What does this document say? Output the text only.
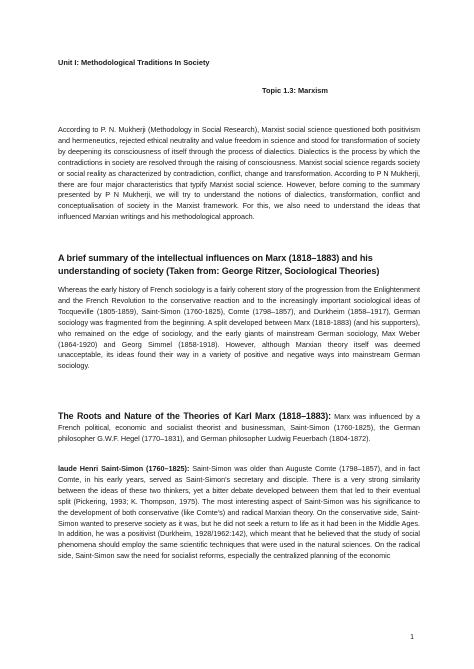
Unit I: Methodological Traditions In Society

Topic 1.3: Marxism

According to P. N. Mukherji (Methodology in Social Research), Marxist social science questioned both positivism and hermeneutics, rejected ethical neutrality and value freedom in science and stood for transformation of society by deepening its consciousness of itself through the process of dialectics. Dialectics is the process by which the contradictions in society are resolved through the raising of consciousness. Marxist social science regards society or social reality as characterized by contradiction, conflict, change and transformation. According to P N Mukherji, there are four major characteristics that typify Marxist social science. However, before coming to the summary presented by P N Mukherji, we will try to understand the notions of dialectics, transformation, conflict and conceptualisation of society in the Marxist framework. For this, we also need to understand the ideas that influenced Marxian writings and his methodological approach.

A brief summary of the intellectual influences on Marx (1818–1883) and his understanding of society (Taken from: George Ritzer, Sociological Theories)

Whereas the early history of French sociology is a fairly coherent story of the progression from the Enlightenment and the French Revolution to the conservative reaction and to the increasingly important sociological ideas of Tocqueville (1805-1859), Saint-Simon (1760-1825), Comte (1798–1857), and Durkheim (1858–1917), German sociology was fragmented from the beginning. A split developed between Marx (1818-1883) (and his supporters), who remained on the edge of sociology, and the early giants of mainstream German sociology, Max Weber (1864-1920) and Georg Simmel (1858-1918). However, although Marxian theory itself was deemed unacceptable, its ideas found their way in a variety of positive and negative ways into mainstream German sociology.

The Roots and Nature of the Theories of Karl Marx (1818–1883): Marx was influenced by a French political, economic and socialist theorist and businessman, Saint-Simon (1760-1825), the German philosopher G.W.F. Hegel (1770–1831), and German philosopher Ludwig Feuerbach (1804-1872).

laude Henri Saint-Simon (1760–1825): Saint-Simon was older than Auguste Comte (1798–1857), and in fact Comte, in his early years, served as Saint-Simon's secretary and disciple. There is a very strong similarity between the ideas of these two thinkers, yet a bitter debate developed between them that led to their eventual split (Pickering, 1993; K. Thompson, 1975). The most interesting aspect of Saint-Simon was his significance to the development of both conservative (like Comte's) and radical Marxian theory. On the conservative side, Saint-Simon wanted to preserve society as it was, but he did not seek a return to life as it had been in the Middle Ages. In addition, he was a positivist (Durkheim, 1928/1962:142), which meant that he believed that the study of social phenomena should employ the same scientific techniques that were used in the natural sciences. On the radical side, Saint-Simon saw the need for socialist reforms, especially the centralized planning of the economic

1
